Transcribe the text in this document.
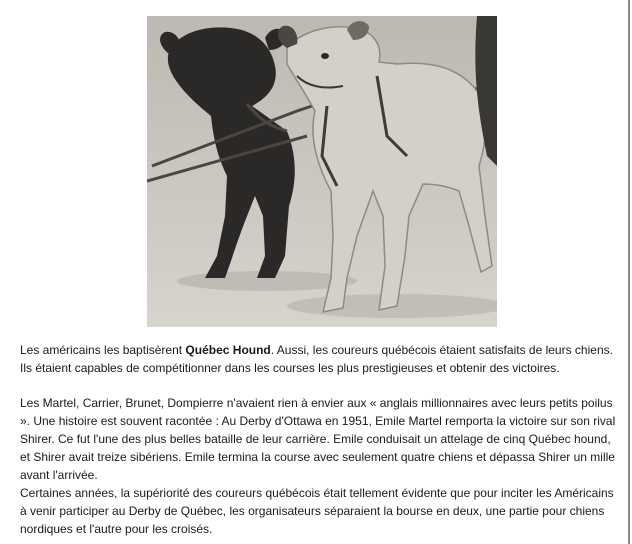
Les américains les baptisèrent Québec Hound. Aussi, les coureurs québécois étaient satisfaits de leurs chiens. Ils étaient capables de compétitionner dans les courses les plus prestigieuses et obtenir des victoires.

Les Martel, Carrier, Brunet, Dompierre n'avaient rien à envier aux « anglais millionnaires avec leurs petits poilus ». Une histoire est souvent racontée : Au Derby d'Ottawa en 1951, Emile Martel remporta la victoire sur son rival Shirer. Ce fut l'une des plus belles bataille de leur carrière. Emile conduisait un attelage de cinq Québec hound, et Shirer avait treize sibériens. Emile termina la course avec seulement quatre chiens et dépassa Shirer un mille avant l'arrivée.

Certaines années, la supériorité des coureurs québécois était tellement évidente que pour inciter les Américains à venir participer au Derby de Québec, les organisateurs séparaient la bourse en deux, une partie pour chiens nordiques et l'autre pour les croisés.
